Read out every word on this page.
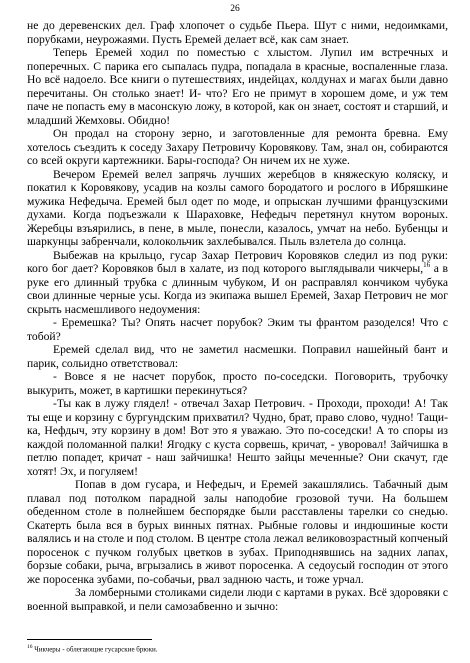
26

не до деревенских дел. Граф хлопочет о судьбе Пьера. Шут с ними, недоимками, порубками, неурожаями. Пусть Еремей делает всё, как сам знает.

Теперь Еремей ходил по поместью с хлыстом. Лупил им встречных и поперечных. С парика его сыпалась пудра, попадала в красные, воспаленные глаза. Но всё надоело. Все книги о путешествиях, индейцах, колдунах и магах были давно перечитаны. Он столько знает! И- что? Его не примут в хорошем доме, и уж тем паче не попасть ему в масонскую ложу, в которой, как он знает, состоят и старший, и младший Жемховы. Обидно!

Он продал на сторону зерно, и заготовленные для ремонта бревна. Ему хотелось съездить к соседу Захару Петровичу Коровякову. Там, знал он, собираются со всей округи картежники. Бары-господа? Он ничем их не хуже.

Вечером Еремей велел запрячь лучших жеребцов в княжескую коляску, и покатил к Коровякову, усадив на козлы самого бородатого и рослого в Ибряшкине мужика Нефедыча. Еремей был одет по моде, и опрыскан лучшими французскими духами. Когда подъезжали к Шараховке, Нефедыч перетянул кнутом вороных. Жеребцы взъярились, в пене, в мыле, понесли, казалось, умчат на небо. Бубенцы и шаркунцы забренчали, колокольчик захлебывался. Пыль взлетела до солнца.

Выбежав на крыльцо, гусар Захар Петрович Коровяков следил из под руки: кого бог дает? Коровяков был в халате, из под которого выглядывали чикчеры,$^{16}$ а в руке его длинный трубка с длинным чубуком, И он расправлял кончиком чубука свои длинные черные усы. Когда из экипажа вышел Еремей, Захар Петрович не мог скрыть насмешливого недоумения:

- Еремешка? Ты? Опять насчет порубок? Эким ты франтом разоделся! Что с тобой?

Еремей сделал вид, что не заметил насмешки. Поправил нашейный бант и парик, сольидно ответствовал:

- Вовсе я не насчет порубок, просто по-соседски. Поговорить, трубочку выкурить, может, в картишки перекинуться?

-Ты как в лужу глядел! - отвечал Захар Петрович. - Проходи, проходи! А! Так ты еще и корзину с бургундским прихватил? Чудно, брат, право слово, чудно! Тащи-ка, Нефдыч, эту корзину в дом! Вот это я уважаю. Это по-соседски! А то споры из каждой поломанной палки! Ягодку с куста сорвешь, кричат, - уворовал! Зайчишка в петлю попадет, кричат - наш зайчишка! Нешто зайцы меченные? Они скачут, где хотят! Эх, и погуляем!

Попав в дом гусара, и Нефедыч, и Еремей закашлялись. Табачный дым плавал под потолком парадной залы наподобие грозовой тучи. На большем обеденном столе в полнейшем беспорядке были расставлены тарелки со снедью. Скатерть была вся в бурых винных пятнах. Рыбные головы и индюшиные кости валялись и на столе и под столом. В центре стола лежал великовозрастный копченый поросенок с пучком голубых цветков в зубах. Приподнявшись на задних лапах, борзые собаки, рыча, вгрызались в живот поросенка. А седоусый господин от этого же поросенка зубами, по-собачьи, рвал заднюю часть, и тоже урчал.

За ломберными столиками сидели люди с картами в руках. Всё здоровяки с военной выправкой, и пели самозабвенно и зычно:

$^{16}$ Чикчеры - облегающие гусарские брюки.
